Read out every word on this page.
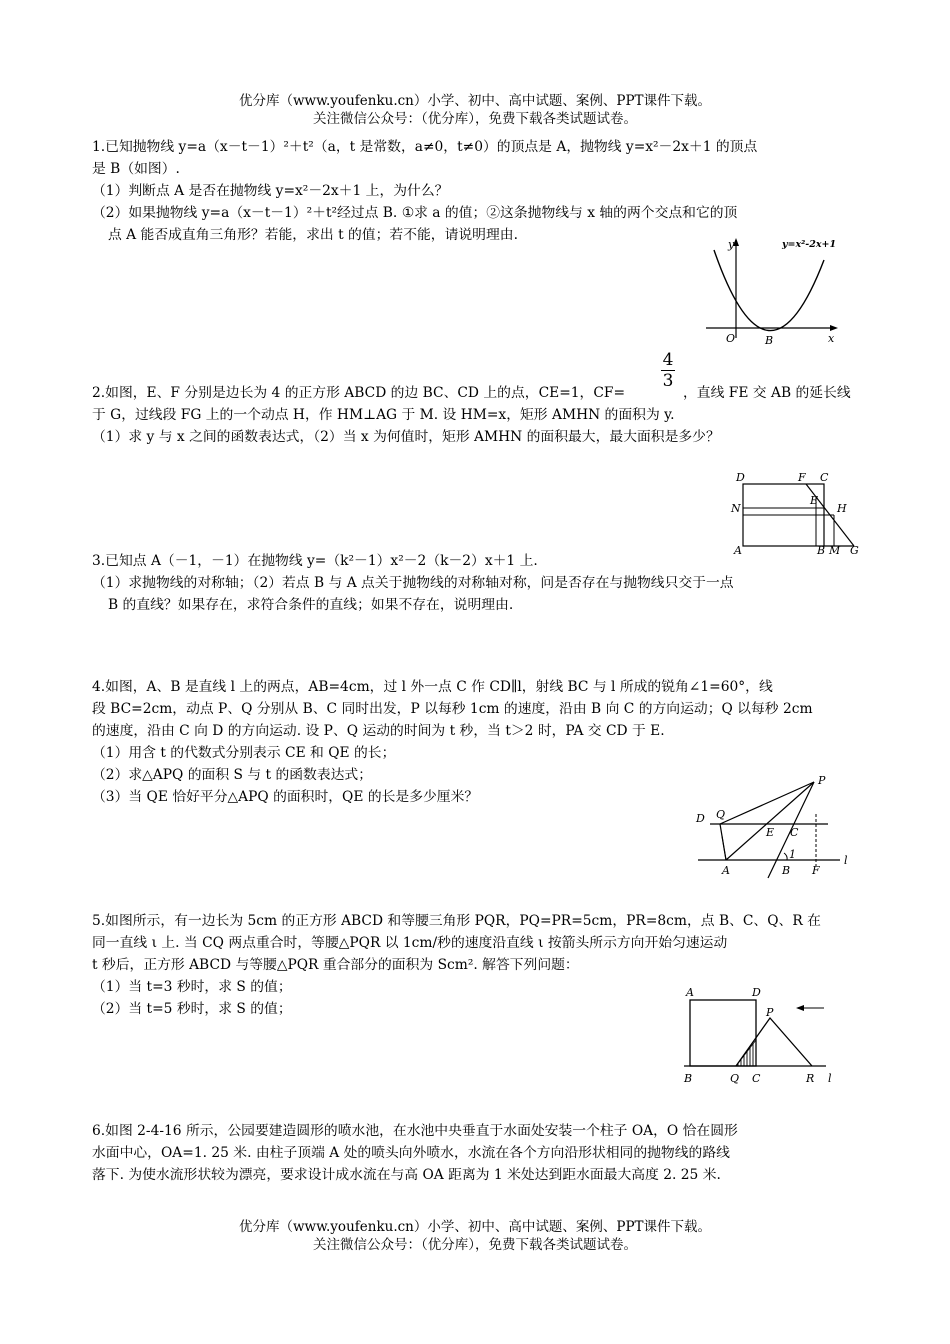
优分库（www.youfenku.cn）小学、初中、高中试题、案例、PPT课件下载。
关注微信公众号：（优分库），免费下载各类试题试卷。
1.已知抛物线 y=a（x－t－1）²＋t²（a，t 是常数，a≠0，t≠0）的顶点是 A，抛物线 y=x²－2x＋1 的顶点
是 B（如图）.
（1）判断点 A 是否在抛物线 y=x²－2x＋1 上，为什么？
（2）如果抛物线 y=a（x－t－1）²＋t²经过点 B. ①求 a 的值；②这条抛物线与 x 轴的两个交点和它的顶
点 A 能否成直角三角形？若能，求出 t 的值；若不能，请说明理由.
y
x
O	B
y=x²-2x+1
2.如图，E、F 分别是边长为 4 的正方形 ABCD 的边 BC、CD 上的点，CE=1，CF=
$\frac{4}{3}$
，直线 FE 交 AB 的延长线
于 G，过线段 FG 上的一个动点 H，作 HM⊥AG 于 M. 设 HM=x，矩形 AMHN 的面积为 y.
（1）求 y 与 x 之间的函数表达式，（2）当 x 为何值时，矩形 AMHN 的面积最大，最大面积是多少？
D	F C
N
E
H
A	B M G
3.已知点 A（－1，－1）在抛物线 y=（k²－1）x²－2（k－2）x＋1 上.
（1）求抛物线的对称轴；（2）若点 B 与 A 点关于抛物线的对称轴对称，问是否存在与抛物线只交于一点
B 的直线？如果存在，求符合条件的直线；如果不存在，说明理由.
4.如图，A、B 是直线 l 上的两点，AB=4cm，过 l 外一点 C 作 CD∥l，射线 BC 与 l 所成的锐角∠1=60°，线
段 BC=2cm，动点 P、Q 分别从 B、C 同时出发，P 以每秒 1cm 的速度，沿由 B 向 C 的方向运动；Q 以每秒 2cm
的速度，沿由 C 向 D 的方向运动. 设 P、Q 运动的时间为 t 秒，当 t＞2 时，PA 交 CD 于 E.
（1）用含 t 的代数式分别表示 CE 和 QE 的长；
（2）求△APQ 的面积 S 与 t 的函数表达式；
（3）当 QE 恰好平分△APQ 的面积时，QE 的长是多少厘米？
P
D Q
E C
1	l
A	B F
5.如图所示，有一边长为 5cm 的正方形 ABCD 和等腰三角形 PQR，PQ=PR=5cm，PR=8cm，点 B、C、Q、R 在
同一直线 ι 上. 当 CQ 两点重合时，等腰△PQR 以 1cm/秒的速度沿直线 ι 按箭头所示方向开始匀速运动
t 秒后，正方形 ABCD 与等腰△PQR 重合部分的面积为 Scm². 解答下列问题：
（1）当 t=3 秒时，求 S 的值；
（2）当 t=5 秒时，求 S 的值；
A	D
P
B	Q C	R l
6.如图 2-4-16 所示，公园要建造圆形的喷水池，在水池中央垂直于水面处安装一个柱子 OA，O 恰在圆形
水面中心，OA=1. 25 米. 由柱子顶端 A 处的喷头向外喷水，水流在各个方向沿形状相同的抛物线的路线
落下. 为使水流形状较为漂亮，要求设计成水流在与高 OA 距离为 1 米处达到距水面最大高度 2. 25 米.
优分库（www.youfenku.cn）小学、初中、高中试题、案例、PPT课件下载。
关注微信公众号：（优分库），免费下载各类试题试卷。
